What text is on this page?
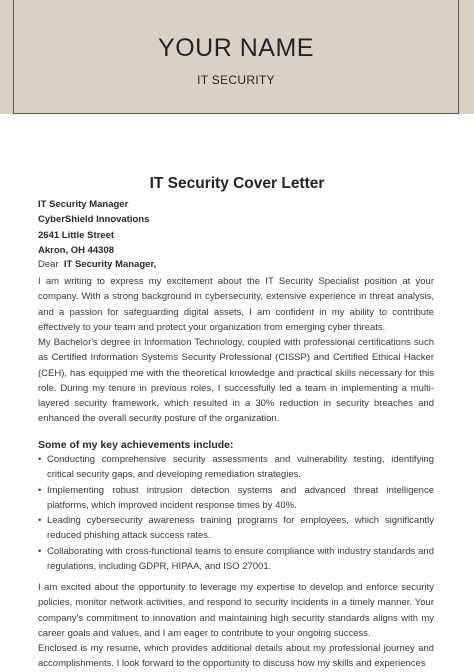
YOUR NAME
IT SECURITY
IT Security Cover Letter
IT Security Manager
CyberShield Innovations
2641 Little Street
Akron, OH 44308
Dear IT Security Manager,

I am writing to express my excitement about the IT Security Specialist position at your company. With a strong background in cybersecurity, extensive experience in threat analysis, and a passion for safeguarding digital assets, I am confident in my ability to contribute effectively to your team and protect your organization from emerging cyber threats.

My Bachelor's degree in Information Technology, coupled with professional certifications such as Certified Information Systems Security Professional (CISSP) and Certified Ethical Hacker (CEH), has equipped me with the theoretical knowledge and practical skills necessary for this role. During my tenure in previous roles, I successfully led a team in implementing a multi-layered security framework, which resulted in a 30% reduction in security breaches and enhanced the overall security posture of the organization.

Some of my key achievements include:
• Conducting comprehensive security assessments and vulnerability testing, identifying critical security gaps, and developing remediation strategies.
• Implementing robust intrusion detection systems and advanced threat intelligence platforms, which improved incident response times by 40%.
• Leading cybersecurity awareness training programs for employees, which significantly reduced phishing attack success rates.
• Collaborating with cross-functional teams to ensure compliance with industry standards and regulations, including GDPR, HIPAA, and ISO 27001.

I am excited about the opportunity to leverage my expertise to develop and enforce security policies, monitor network activities, and respond to security incidents in a timely manner. Your company's commitment to innovation and maintaining high security standards aligns with my career goals and values, and I am eager to contribute to your ongoing success.

Enclosed is my resume, which provides additional details about my professional journey and accomplishments. I look forward to the opportunity to discuss how my skills and experiences
